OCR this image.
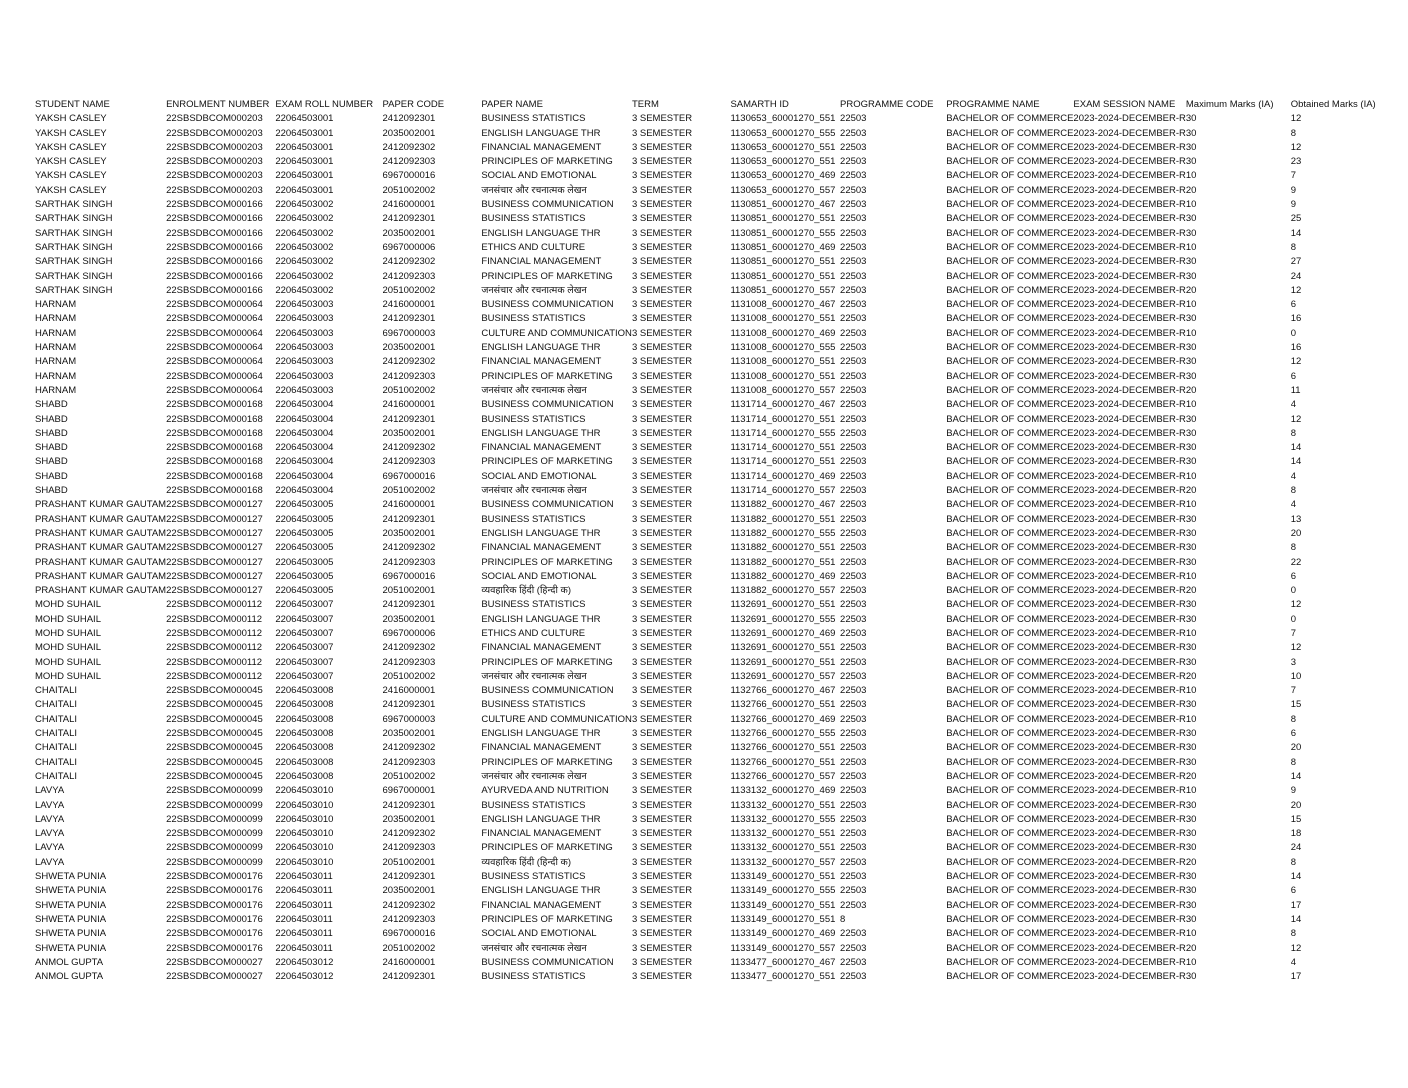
STUDENT NAME	ENROLMENT NUMBER	EXAM ROLL NUMBER	PAPER CODE	PAPER NAME	TERM	SAMARTH ID	PROGRAMME CODE	PROGRAMME NAME	EXAM SESSION NAME	Maximum Marks (IA)	Obtained Marks (IA)
YAKSH CASLEY	22SBSDBCOM000203	22064503001	2412092301	BUSINESS STATISTICS	3 SEMESTER	1130653_60001270_551	22503	BACHELOR OF COMMERCE	2023-2024-DECEMBER-R	30	12
YAKSH CASLEY	22SBSDBCOM000203	22064503001	2035002001	ENGLISH LANGUAGE THR	3 SEMESTER	1130653_60001270_555	22503	BACHELOR OF COMMERCE	2023-2024-DECEMBER-R	30	8
YAKSH CASLEY	22SBSDBCOM000203	22064503001	2412092302	FINANCIAL MANAGEMENT	3 SEMESTER	1130653_60001270_551	22503	BACHELOR OF COMMERCE	2023-2024-DECEMBER-R	30	12
YAKSH CASLEY	22SBSDBCOM000203	22064503001	2412092303	PRINCIPLES OF MARKETING	3 SEMESTER	1130653_60001270_551	22503	BACHELOR OF COMMERCE	2023-2024-DECEMBER-R	30	23
YAKSH CASLEY	22SBSDBCOM000203	22064503001	6967000016	SOCIAL AND EMOTIONAL	3 SEMESTER	1130653_60001270_469	22503	BACHELOR OF COMMERCE	2023-2024-DECEMBER-R	10	7
YAKSH CASLEY	22SBSDBCOM000203	22064503001	2051002002	जनसंचार और रचनात्मक लेखन	3 SEMESTER	1130653_60001270_557	22503	BACHELOR OF COMMERCE	2023-2024-DECEMBER-R	20	9
SARTHAK SINGH	22SBSDBCOM000166	22064503002	2416000001	BUSINESS COMMUNICATION	3 SEMESTER	1130851_60001270_467	22503	BACHELOR OF COMMERCE	2023-2024-DECEMBER-R	10	9
SARTHAK SINGH	22SBSDBCOM000166	22064503002	2412092301	BUSINESS STATISTICS	3 SEMESTER	1130851_60001270_551	22503	BACHELOR OF COMMERCE	2023-2024-DECEMBER-R	30	25
SARTHAK SINGH	22SBSDBCOM000166	22064503002	2035002001	ENGLISH LANGUAGE THR	3 SEMESTER	1130851_60001270_555	22503	BACHELOR OF COMMERCE	2023-2024-DECEMBER-R	30	14
SARTHAK SINGH	22SBSDBCOM000166	22064503002	6967000006	ETHICS AND CULTURE	3 SEMESTER	1130851_60001270_469	22503	BACHELOR OF COMMERCE	2023-2024-DECEMBER-R	10	8
SARTHAK SINGH	22SBSDBCOM000166	22064503002	2412092302	FINANCIAL MANAGEMENT	3 SEMESTER	1130851_60001270_551	22503	BACHELOR OF COMMERCE	2023-2024-DECEMBER-R	30	27
SARTHAK SINGH	22SBSDBCOM000166	22064503002	2412092303	PRINCIPLES OF MARKETING	3 SEMESTER	1130851_60001270_551	22503	BACHELOR OF COMMERCE	2023-2024-DECEMBER-R	30	24
SARTHAK SINGH	22SBSDBCOM000166	22064503002	2051002002	जनसंचार और रचनात्मक लेखन	3 SEMESTER	1130851_60001270_557	22503	BACHELOR OF COMMERCE	2023-2024-DECEMBER-R	20	12
HARNAM	22SBSDBCOM000064	22064503003	2416000001	BUSINESS COMMUNICATION	3 SEMESTER	1131008_60001270_467	22503	BACHELOR OF COMMERCE	2023-2024-DECEMBER-R	10	6
HARNAM	22SBSDBCOM000064	22064503003	2412092301	BUSINESS STATISTICS	3 SEMESTER	1131008_60001270_551	22503	BACHELOR OF COMMERCE	2023-2024-DECEMBER-R	30	16
HARNAM	22SBSDBCOM000064	22064503003	6967000003	CULTURE AND COMMUNICATION	3 SEMESTER	1131008_60001270_469	22503	BACHELOR OF COMMERCE	2023-2024-DECEMBER-R	10	0
HARNAM	22SBSDBCOM000064	22064503003	2035002001	ENGLISH LANGUAGE THR	3 SEMESTER	1131008_60001270_555	22503	BACHELOR OF COMMERCE	2023-2024-DECEMBER-R	30	16
HARNAM	22SBSDBCOM000064	22064503003	2412092302	FINANCIAL MANAGEMENT	3 SEMESTER	1131008_60001270_551	22503	BACHELOR OF COMMERCE	2023-2024-DECEMBER-R	30	12
HARNAM	22SBSDBCOM000064	22064503003	2412092303	PRINCIPLES OF MARKETING	3 SEMESTER	1131008_60001270_551	22503	BACHELOR OF COMMERCE	2023-2024-DECEMBER-R	30	6
HARNAM	22SBSDBCOM000064	22064503003	2051002002	जनसंचार और रचनात्मक लेखन	3 SEMESTER	1131008_60001270_557	22503	BACHELOR OF COMMERCE	2023-2024-DECEMBER-R	20	11
SHABD	22SBSDBCOM000168	22064503004	2416000001	BUSINESS COMMUNICATION	3 SEMESTER	1131714_60001270_467	22503	BACHELOR OF COMMERCE	2023-2024-DECEMBER-R	10	4
SHABD	22SBSDBCOM000168	22064503004	2412092301	BUSINESS STATISTICS	3 SEMESTER	1131714_60001270_551	22503	BACHELOR OF COMMERCE	2023-2024-DECEMBER-R	30	12
SHABD	22SBSDBCOM000168	22064503004	2035002001	ENGLISH LANGUAGE THR	3 SEMESTER	1131714_60001270_555	22503	BACHELOR OF COMMERCE	2023-2024-DECEMBER-R	30	8
SHABD	22SBSDBCOM000168	22064503004	2412092302	FINANCIAL MANAGEMENT	3 SEMESTER	1131714_60001270_551	22503	BACHELOR OF COMMERCE	2023-2024-DECEMBER-R	30	14
SHABD	22SBSDBCOM000168	22064503004	2412092303	PRINCIPLES OF MARKETING	3 SEMESTER	1131714_60001270_551	22503	BACHELOR OF COMMERCE	2023-2024-DECEMBER-R	30	14
SHABD	22SBSDBCOM000168	22064503004	6967000016	SOCIAL AND EMOTIONAL	3 SEMESTER	1131714_60001270_469	22503	BACHELOR OF COMMERCE	2023-2024-DECEMBER-R	10	4
SHABD	22SBSDBCOM000168	22064503004	2051002002	जनसंचार और रचनात्मक लेखन	3 SEMESTER	1131714_60001270_557	22503	BACHELOR OF COMMERCE	2023-2024-DECEMBER-R	20	8
PRASHANT KUMAR GAUTAM	22SBSDBCOM000127	22064503005	2416000001	BUSINESS COMMUNICATION	3 SEMESTER	1131882_60001270_467	22503	BACHELOR OF COMMERCE	2023-2024-DECEMBER-R	10	4
PRASHANT KUMAR GAUTAM	22SBSDBCOM000127	22064503005	2412092301	BUSINESS STATISTICS	3 SEMESTER	1131882_60001270_551	22503	BACHELOR OF COMMERCE	2023-2024-DECEMBER-R	30	13
PRASHANT KUMAR GAUTAM	22SBSDBCOM000127	22064503005	2035002001	ENGLISH LANGUAGE THR	3 SEMESTER	1131882_60001270_555	22503	BACHELOR OF COMMERCE	2023-2024-DECEMBER-R	30	20
PRASHANT KUMAR GAUTAM	22SBSDBCOM000127	22064503005	2412092302	FINANCIAL MANAGEMENT	3 SEMESTER	1131882_60001270_551	22503	BACHELOR OF COMMERCE	2023-2024-DECEMBER-R	30	8
PRASHANT KUMAR GAUTAM	22SBSDBCOM000127	22064503005	2412092303	PRINCIPLES OF MARKETING	3 SEMESTER	1131882_60001270_551	22503	BACHELOR OF COMMERCE	2023-2024-DECEMBER-R	30	22
PRASHANT KUMAR GAUTAM	22SBSDBCOM000127	22064503005	6967000016	SOCIAL AND EMOTIONAL	3 SEMESTER	1131882_60001270_469	22503	BACHELOR OF COMMERCE	2023-2024-DECEMBER-R	10	6
PRASHANT KUMAR GAUTAM	22SBSDBCOM000127	22064503005	2051002001	व्यवहारिक हिंदी (हिन्दी क)	3 SEMESTER	1131882_60001270_557	22503	BACHELOR OF COMMERCE	2023-2024-DECEMBER-R	20	0
MOHD SUHAIL	22SBSDBCOM000112	22064503007	2412092301	BUSINESS STATISTICS	3 SEMESTER	1132691_60001270_551	22503	BACHELOR OF COMMERCE	2023-2024-DECEMBER-R	30	12
MOHD SUHAIL	22SBSDBCOM000112	22064503007	2035002001	ENGLISH LANGUAGE THR	3 SEMESTER	1132691_60001270_555	22503	BACHELOR OF COMMERCE	2023-2024-DECEMBER-R	30	0
MOHD SUHAIL	22SBSDBCOM000112	22064503007	6967000006	ETHICS AND CULTURE	3 SEMESTER	1132691_60001270_469	22503	BACHELOR OF COMMERCE	2023-2024-DECEMBER-R	10	7
MOHD SUHAIL	22SBSDBCOM000112	22064503007	2412092302	FINANCIAL MANAGEMENT	3 SEMESTER	1132691_60001270_551	22503	BACHELOR OF COMMERCE	2023-2024-DECEMBER-R	30	12
MOHD SUHAIL	22SBSDBCOM000112	22064503007	2412092303	PRINCIPLES OF MARKETING	3 SEMESTER	1132691_60001270_551	22503	BACHELOR OF COMMERCE	2023-2024-DECEMBER-R	30	3
MOHD SUHAIL	22SBSDBCOM000112	22064503007	2051002002	जनसंचार और रचनात्मक लेखन	3 SEMESTER	1132691_60001270_557	22503	BACHELOR OF COMMERCE	2023-2024-DECEMBER-R	20	10
CHAITALI	22SBSDBCOM000045	22064503008	2416000001	BUSINESS COMMUNICATION	3 SEMESTER	1132766_60001270_467	22503	BACHELOR OF COMMERCE	2023-2024-DECEMBER-R	10	7
CHAITALI	22SBSDBCOM000045	22064503008	2412092301	BUSINESS STATISTICS	3 SEMESTER	1132766_60001270_551	22503	BACHELOR OF COMMERCE	2023-2024-DECEMBER-R	30	15
CHAITALI	22SBSDBCOM000045	22064503008	6967000003	CULTURE AND COMMUNICATION	3 SEMESTER	1132766_60001270_469	22503	BACHELOR OF COMMERCE	2023-2024-DECEMBER-R	10	8
CHAITALI	22SBSDBCOM000045	22064503008	2035002001	ENGLISH LANGUAGE THR	3 SEMESTER	1132766_60001270_555	22503	BACHELOR OF COMMERCE	2023-2024-DECEMBER-R	30	6
CHAITALI	22SBSDBCOM000045	22064503008	2412092302	FINANCIAL MANAGEMENT	3 SEMESTER	1132766_60001270_551	22503	BACHELOR OF COMMERCE	2023-2024-DECEMBER-R	30	20
CHAITALI	22SBSDBCOM000045	22064503008	2412092303	PRINCIPLES OF MARKETING	3 SEMESTER	1132766_60001270_551	22503	BACHELOR OF COMMERCE	2023-2024-DECEMBER-R	30	8
CHAITALI	22SBSDBCOM000045	22064503008	2051002002	जनसंचार और रचनात्मक लेखन	3 SEMESTER	1132766_60001270_557	22503	BACHELOR OF COMMERCE	2023-2024-DECEMBER-R	20	14
LAVYA	22SBSDBCOM000099	22064503010	6967000001	AYURVEDA AND NUTRITION	3 SEMESTER	1133132_60001270_469	22503	BACHELOR OF COMMERCE	2023-2024-DECEMBER-R	10	9
LAVYA	22SBSDBCOM000099	22064503010	2412092301	BUSINESS STATISTICS	3 SEMESTER	1133132_60001270_551	22503	BACHELOR OF COMMERCE	2023-2024-DECEMBER-R	30	20
LAVYA	22SBSDBCOM000099	22064503010	2035002001	ENGLISH LANGUAGE THR	3 SEMESTER	1133132_60001270_555	22503	BACHELOR OF COMMERCE	2023-2024-DECEMBER-R	30	15
LAVYA	22SBSDBCOM000099	22064503010	2412092302	FINANCIAL MANAGEMENT	3 SEMESTER	1133132_60001270_551	22503	BACHELOR OF COMMERCE	2023-2024-DECEMBER-R	30	18
LAVYA	22SBSDBCOM000099	22064503010	2412092303	PRINCIPLES OF MARKETING	3 SEMESTER	1133132_60001270_551	22503	BACHELOR OF COMMERCE	2023-2024-DECEMBER-R	30	24
LAVYA	22SBSDBCOM000099	22064503010	2051002001	व्यवहारिक हिंदी (हिन्दी क)	3 SEMESTER	1133132_60001270_557	22503	BACHELOR OF COMMERCE	2023-2024-DECEMBER-R	20	8
SHWETA PUNIA	22SBSDBCOM000176	22064503011	2412092301	BUSINESS STATISTICS	3 SEMESTER	1133149_60001270_551	22503	BACHELOR OF COMMERCE	2023-2024-DECEMBER-R	30	14
SHWETA PUNIA	22SBSDBCOM000176	22064503011	2035002001	ENGLISH LANGUAGE THR	3 SEMESTER	1133149_60001270_555	22503	BACHELOR OF COMMERCE	2023-2024-DECEMBER-R	30	6
SHWETA PUNIA	22SBSDBCOM000176	22064503011	2412092302	FINANCIAL MANAGEMENT	3 SEMESTER	1133149_60001270_551	22503	BACHELOR OF COMMERCE	2023-2024-DECEMBER-R	30	17
SHWETA PUNIA	22SBSDBCOM000176	22064503011	2412092303	PRINCIPLES OF MARKETING	3 SEMESTER	1133149_60001270_551	8	BACHELOR OF COMMERCE	2023-2024-DECEMBER-R	30	14
SHWETA PUNIA	22SBSDBCOM000176	22064503011	6967000016	SOCIAL AND EMOTIONAL	3 SEMESTER	1133149_60001270_469	22503	BACHELOR OF COMMERCE	2023-2024-DECEMBER-R	10	8
SHWETA PUNIA	22SBSDBCOM000176	22064503011	2051002002	जनसंचार और रचनात्मक लेखन	3 SEMESTER	1133149_60001270_557	22503	BACHELOR OF COMMERCE	2023-2024-DECEMBER-R	20	12
ANMOL GUPTA	22SBSDBCOM000027	22064503012	2416000001	BUSINESS COMMUNICATION	3 SEMESTER	1133477_60001270_467	22503	BACHELOR OF COMMERCE	2023-2024-DECEMBER-R	10	4
ANMOL GUPTA	22SBSDBCOM000027	22064503012	2412092301	BUSINESS STATISTICS	3 SEMESTER	1133477_60001270_551	22503	BACHELOR OF COMMERCE	2023-2024-DECEMBER-R	30	17
